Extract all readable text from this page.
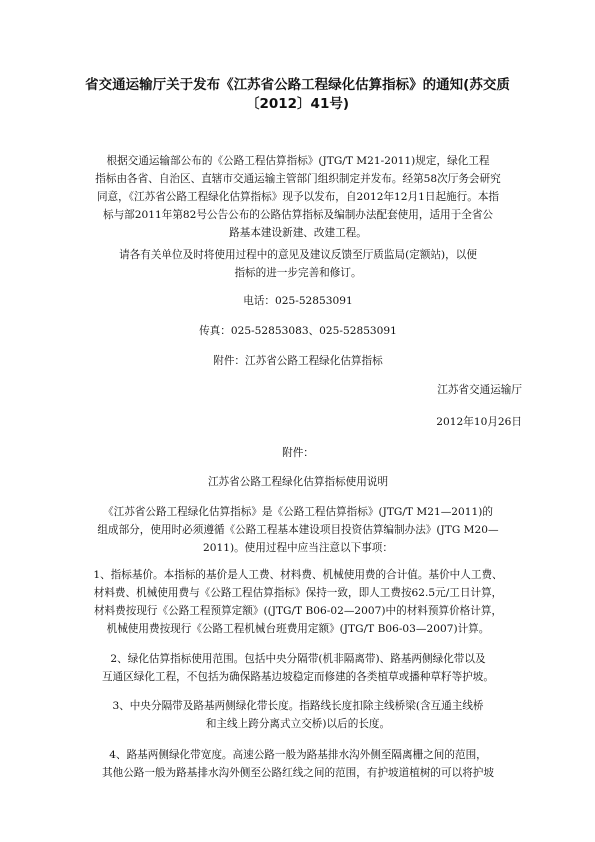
省交通运输厅关于发布《江苏省公路工程绿化估算指标》的通知(苏交质
〔2012〕41号)
根据交通运输部公布的《公路工程估算指标》(JTG/T M21-2011)规定，绿化工程
指标由各省、自治区、直辖市交通运输主管部门组织制定并发布。经第58次厅务会研究
同意，《江苏省公路工程绿化估算指标》现予以发布，自2012年12月1日起施行。本指
标与部2011年第82号公告公布的公路估算指标及编制办法配套使用，适用于全省公
路基本建设新建、改建工程。
请各有关单位及时将使用过程中的意见及建议反馈至厅质监局(定额站)，以便
指标的进一步完善和修订。
电话：025-52853091
传真：025-52853083、025-52853091
附件：江苏省公路工程绿化估算指标
江苏省交通运输厅
2012年10月26日
附件：
江苏省公路工程绿化估算指标使用说明
《江苏省公路工程绿化估算指标》是《公路工程估算指标》(JTG/T M21—2011)的
组成部分，使用时必须遵循《公路工程基本建设项目投资估算编制办法》(JTG M20—
2011)。使用过程中应当注意以下事项：
1、指标基价。本指标的基价是人工费、材料费、机械使用费的合计值。基价中人工费、
材料费、机械使用费与《公路工程估算指标》保持一致，即人工费按62.5元/工日计算，
材料费按现行《公路工程预算定额》((JTG/T B06-02—2007)中的材料预算价格计算，
机械使用费按现行《公路工程机械台班费用定额》(JTG/T B06-03—2007)计算。
2、绿化估算指标使用范围。包括中央分隔带(机非隔离带)、路基两侧绿化带以及
互通区绿化工程，不包括为确保路基边坡稳定而修建的各类植草或播种草籽等护坡。
3、中央分隔带及路基两侧绿化带长度。指路线长度扣除主线桥梁(含互通主线桥
和主线上跨分离式立交桥)以后的长度。
4、路基两侧绿化带宽度。高速公路一般为路基排水沟外侧至隔离栅之间的范围，
其他公路一般为路基排水沟外侧至公路红线之间的范围，有护坡道植树的可以将护坡
